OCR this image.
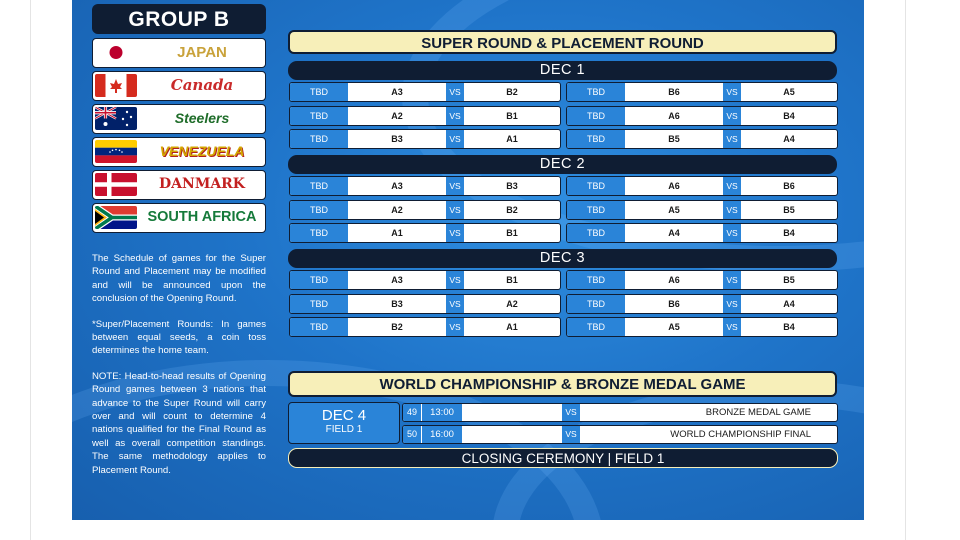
GROUP B
JAPAN
Canada
Steelers
VENEZUELA
DANMARK
SOUTH AFRICA

The Schedule of games for the Super Round and Placement may be modified and will be announced upon the conclusion of the Opening Round.

*Super/Placement Rounds: In games between equal seeds, a coin toss determines the home team.

NOTE: Head-to-head results of Opening Round games between 3 nations that advance to the Super Round will carry over and will count to determine 4 nations qualified for the Final Round as well as overall competition standings. The same methodology applies to Placement Round.

SUPER ROUND & PLACEMENT ROUND
DEC 1
TBD	A3	VS	B2
TBD	A2	VS	B1
TBD	B3	VS	A1
TBD	B6	VS	A5
TBD	A6	VS	B4
TBD	B5	VS	A4
DEC 2
TBD	A3	VS	B3
TBD	A2	VS	B2
TBD	A1	VS	B1
TBD	A6	VS	B6
TBD	A5	VS	B5
TBD	A4	VS	B4
DEC 3
TBD	A3	VS	B1
TBD	B3	VS	A2
TBD	B2	VS	A1
TBD	A6	VS	B5
TBD	B6	VS	A4
TBD	A5	VS	B4
WORLD CHAMPIONSHIP & BRONZE MEDAL GAME
DEC 4
FIELD 1
49	13:00	VS	BRONZE MEDAL GAME
50	16:00	VS	WORLD CHAMPIONSHIP FINAL
CLOSING CEREMONY | FIELD 1
